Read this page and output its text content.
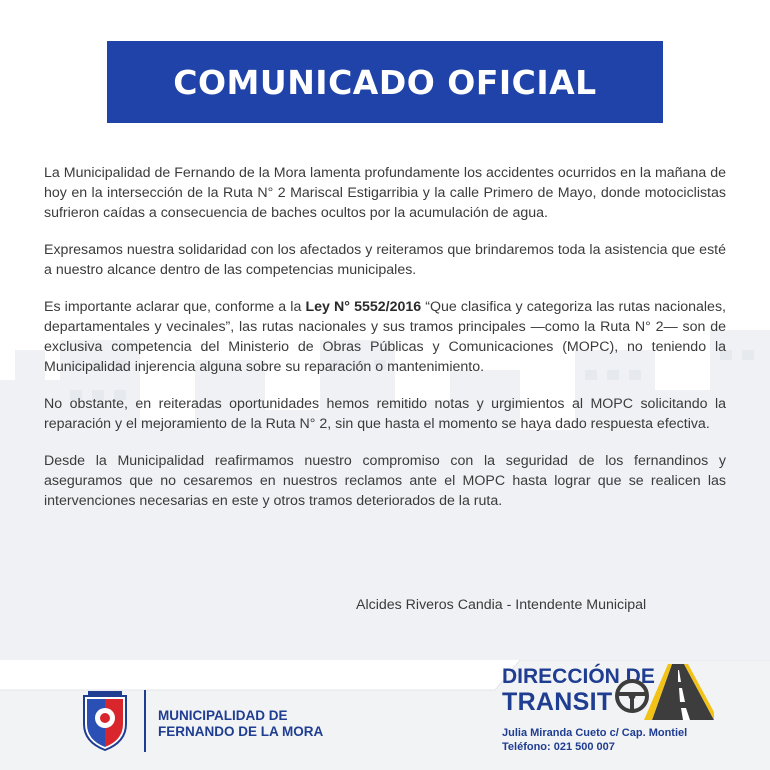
COMUNICADO OFICIAL

La Municipalidad de Fernando de la Mora lamenta profundamente los accidentes ocurridos en la mañana de hoy en la intersección de la Ruta N° 2 Mariscal Estigarribia y la calle Primero de Mayo, donde motociclistas sufrieron caídas a consecuencia de baches ocultos por la acumulación de agua.

Expresamos nuestra solidaridad con los afectados y reiteramos que brindaremos toda la asistencia que esté a nuestro alcance dentro de las competencias municipales.

Es importante aclarar que, conforme a la Ley N° 5552/2016 “Que clasifica y categoriza las rutas nacionales, departamentales y vecinales”, las rutas nacionales y sus tramos principales —como la Ruta N° 2— son de exclusiva competencia del Ministerio de Obras Públicas y Comunicaciones (MOPC), no teniendo la Municipalidad injerencia alguna sobre su reparación o mantenimiento.

No obstante, en reiteradas oportunidades hemos remitido notas y urgimientos al MOPC solicitando la reparación y el mejoramiento de la Ruta N° 2, sin que hasta el momento se haya dado respuesta efectiva.

Desde la Municipalidad reafirmamos nuestro compromiso con la seguridad de los fernandinos y aseguramos que no cesaremos en nuestros reclamos ante el MOPC hasta lograr que se realicen las intervenciones necesarias en este y otros tramos deteriorados de la ruta.

Alcides Riveros Candia - Intendente Municipal
MUNICIPALIDAD DE
FERNANDO DE LA MORA
DIRECCIÓN DE
TRANSIT
Julia Miranda Cueto c/ Cap. Montiel
Teléfono: 021 500 007
